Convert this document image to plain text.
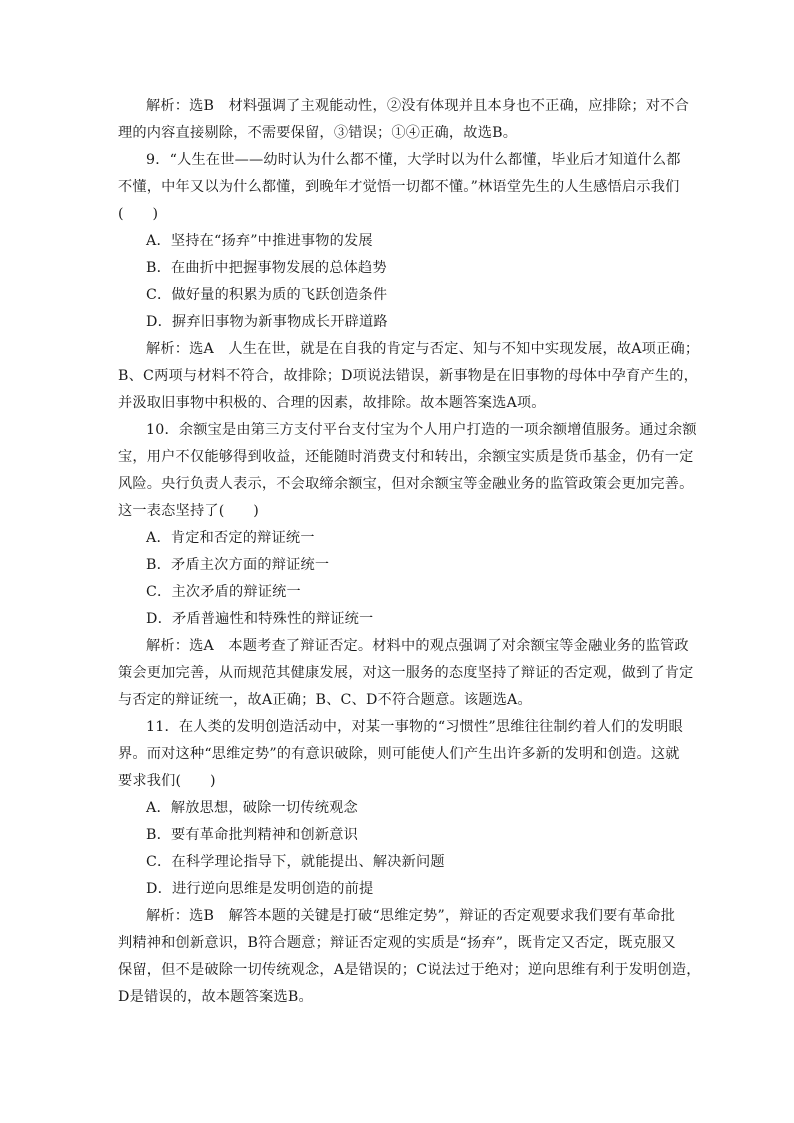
解析：选B　材料强调了主观能动性，②没有体现并且本身也不正确，应排除；对不合
理的内容直接剔除，不需要保留，③错误；①④正确，故选B。
9．“人生在世——幼时认为什么都不懂，大学时以为什么都懂，毕业后才知道什么都
不懂，中年又以为什么都懂，到晚年才觉悟一切都不懂。”林语堂先生的人生感悟启示我们
(　　)
A．坚持在“扬弃”中推进事物的发展
B．在曲折中把握事物发展的总体趋势
C．做好量的积累为质的飞跃创造条件
D．摒弃旧事物为新事物成长开辟道路
解析：选A　人生在世，就是在自我的肯定与否定、知与不知中实现发展，故A项正确；
B、C两项与材料不符合，故排除；D项说法错误，新事物是在旧事物的母体中孕育产生的，
并汲取旧事物中积极的、合理的因素，故排除。故本题答案选A项。
10．余额宝是由第三方支付平台支付宝为个人用户打造的一项余额增值服务。通过余额
宝，用户不仅能够得到收益，还能随时消费支付和转出，余额宝实质是货币基金，仍有一定
风险。央行负责人表示，不会取缔余额宝，但对余额宝等金融业务的监管政策会更加完善。
这一表态坚持了(　　)
A．肯定和否定的辩证统一
B．矛盾主次方面的辩证统一
C．主次矛盾的辩证统一
D．矛盾普遍性和特殊性的辩证统一
解析：选A　本题考查了辩证否定。材料中的观点强调了对余额宝等金融业务的监管政
策会更加完善，从而规范其健康发展，对这一服务的态度坚持了辩证的否定观，做到了肯定
与否定的辩证统一，故A正确；B、C、D不符合题意。该题选A。
11．在人类的发明创造活动中，对某一事物的“习惯性”思维往往制约着人们的发明眼
界。而对这种“思维定势”的有意识破除，则可能使人们产生出许多新的发明和创造。这就
要求我们(　　)
A．解放思想，破除一切传统观念
B．要有革命批判精神和创新意识
C．在科学理论指导下，就能提出、解决新问题
D．进行逆向思维是发明创造的前提
解析：选B　解答本题的关键是打破“思维定势”，辩证的否定观要求我们要有革命批
判精神和创新意识，B符合题意；辩证否定观的实质是“扬弃”，既肯定又否定，既克服又
保留，但不是破除一切传统观念，A是错误的；C说法过于绝对；逆向思维有利于发明创造，
D是错误的，故本题答案选B。
